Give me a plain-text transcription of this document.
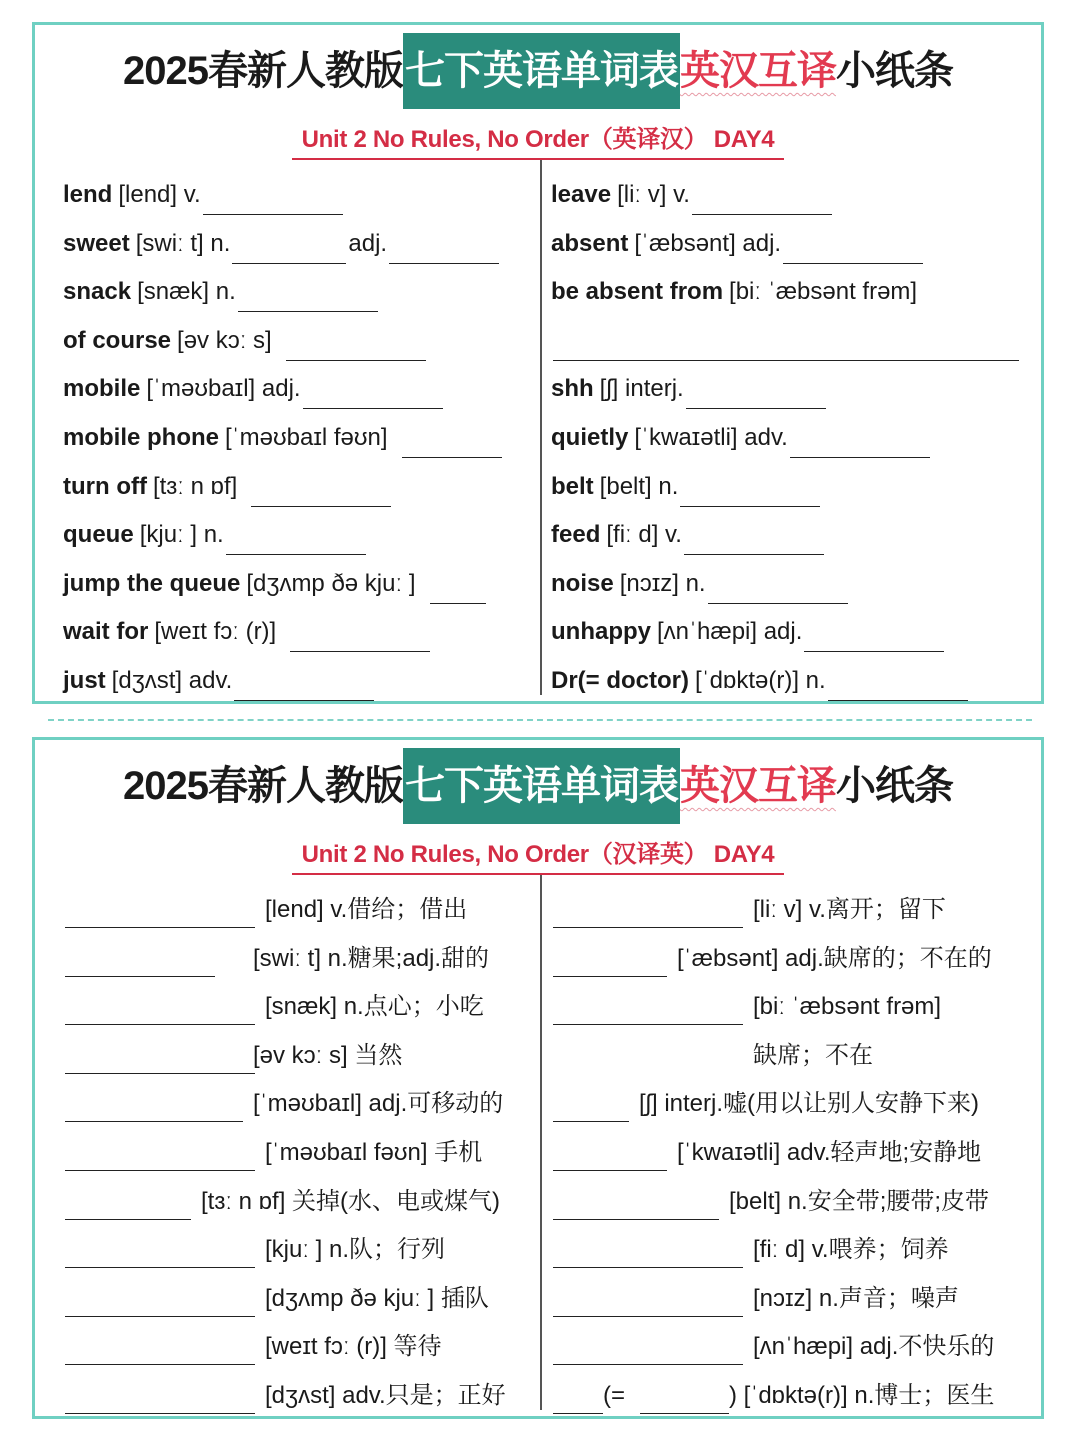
2025春新人教版七下英语单词表英汉互译小纸条
Unit 2 No Rules, No Order（英译汉） DAY4
lend [lend] v.
sweet [swiː t] n.	adj.
snack [snæk] n.
of course [əv kɔː s]
mobile [ˈməʊbaɪl] adj.
mobile phone [ˈməʊbaɪl fəʊn]
turn off [tɜː n ɒf]
queue [kjuː ] n.
jump the queue [dʒʌmp ðə kjuː ]
wait for [weɪt fɔː (r)]
just [dʒʌst] adv.
leave [liː v] v.
absent [ˈæbsənt] adj.
be absent from [biː ˈæbsənt frəm]
shh [ʃ] interj.
quietly [ˈkwaɪətli] adv.
belt [belt] n.
feed [fiː d] v.
noise [nɔɪz] n.
unhappy [ʌnˈhæpi] adj.
Dr(= doctor) [ˈdɒktə(r)] n.
2025春新人教版七下英语单词表英汉互译小纸条
Unit 2 No Rules, No Order（汉译英） DAY4
[lend] v.借给；借出
[swiː t] n.糖果;adj.甜的
[snæk] n.点心；小吃
[əv kɔː s] 当然
[ˈməʊbaɪl] adj.可移动的
[ˈməʊbaɪl fəʊn] 手机
[tɜː n ɒf] 关掉(水、电或煤气)
[kjuː ] n.队；行列
[dʒʌmp ðə kjuː ] 插队
[weɪt fɔː (r)] 等待
[dʒʌst] adv.只是；正好
[liː v] v.离开；留下
[ˈæbsənt] adj.缺席的；不在的
[biː ˈæbsənt frəm]
缺席；不在
[ʃ] interj.嘘(用以让别人安静下来)
[ˈkwaɪətli] adv.轻声地;安静地
[belt] n.安全带;腰带;皮带
[fiː d] v.喂养；饲养
[nɔɪz] n.声音；噪声
[ʌnˈhæpi] adj.不快乐的
(=	) [ˈdɒktə(r)] n.博士；医生
